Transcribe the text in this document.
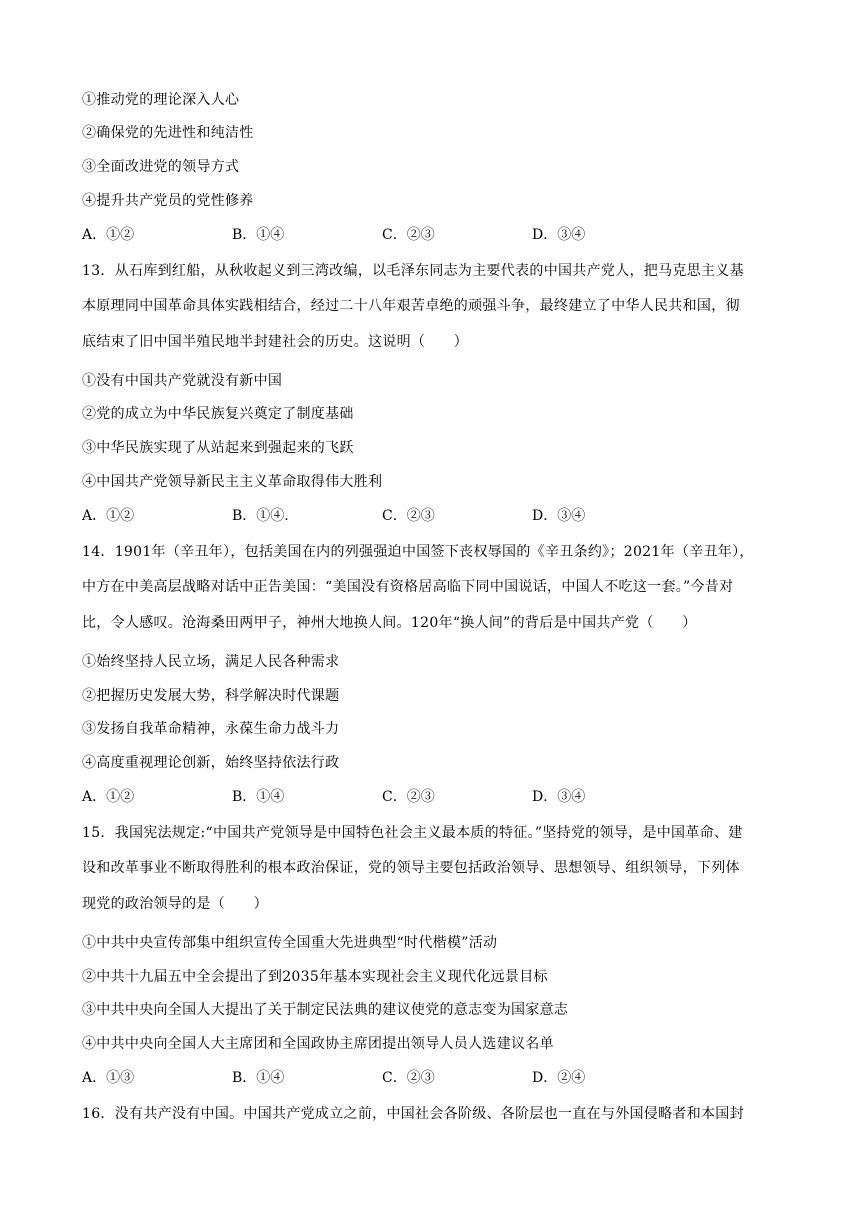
①推动党的理论深入人心
②确保党的先进性和纯洁性
③全面改进党的领导方式
④提升共产党员的党性修养
A．①②	B．①④	C．②③	D．③④
13．从石库到红船，从秋收起义到三湾改编，以毛泽东同志为主要代表的中国共产党人，把马克思主义基
本原理同中国革命具体实践相结合，经过二十八年艰苦卓绝的顽强斗争，最终建立了中华人民共和国，彻
底结束了旧中国半殖民地半封建社会的历史。这说明（　　）
①没有中国共产党就没有新中国
②党的成立为中华民族复兴奠定了制度基础
③中华民族实现了从站起来到强起来的飞跃
④中国共产党领导新民主主义革命取得伟大胜利
A．①②	B．①④.	C．②③	D．③④
14．1901年（辛丑年），包括美国在内的列强强迫中国签下丧权辱国的《辛丑条约》；2021年（辛丑年），
中方在中美高层战略对话中正告美国：“美国没有资格居高临下同中国说话，中国人不吃这一套。”今昔对
比，令人感叹。沧海桑田两甲子，神州大地换人间。120年“换人间”的背后是中国共产党（　　）
①始终坚持人民立场，满足人民各种需求
②把握历史发展大势，科学解决时代课题
③发扬自我革命精神，永葆生命力战斗力
④高度重视理论创新，始终坚持依法行政
A．①②	B．①④	C．②③	D．③④
15．我国宪法规定:“中国共产党领导是中国特色社会主义最本质的特征。”坚持党的领导，是中国革命、建
设和改革事业不断取得胜利的根本政治保证，党的领导主要包括政治领导、思想领导、组织领导，下列体
现党的政治领导的是（　　）
①中共中央宣传部集中组织宣传全国重大先进典型“时代楷模”活动
②中共十九届五中全会提出了到2035年基本实现社会主义现代化远景目标
③中共中央向全国人大提出了关于制定民法典的建议使党的意志变为国家意志
④中共中央向全国人大主席团和全国政协主席团提出领导人员人选建议名单
A．①③	B．①④	C．②③	D．②④
16．没有共产没有中国。中国共产党成立之前，中国社会各阶级、各阶层也一直在与外国侵略者和本国封
